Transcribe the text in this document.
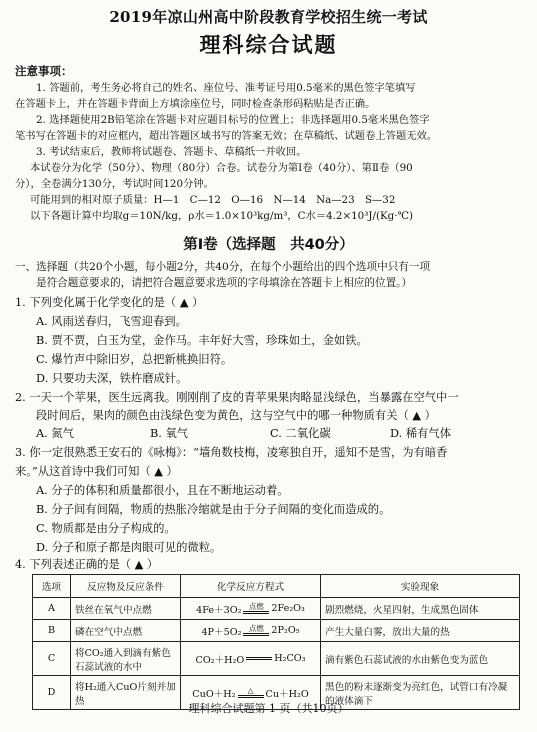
2019年凉山州高中阶段教育学校招生统一考试
理科综合试题
注意事项：
1. 答题前，考生务必将自己的姓名、座位号、准考证号用0.5毫米的黑色签字笔填写
在答题卡上，并在答题卡背面上方填涂座位号，同时检查条形码粘贴是否正确。
2. 选择题使用2B铅笔涂在答题卡对应题目标号的位置上；非选择题用0.5毫米黑色签字
笔书写在答题卡的对应框内，超出答题区域书写的答案无效；在草稿纸、试题卷上答题无效。
3. 考试结束后，教师将试题卷、答题卡、草稿纸一并收回。
本试卷分为化学（50分）、物理（80分）合卷。试卷分为第Ⅰ卷（40分）、第Ⅱ卷（90
分），全卷满分130分，考试时间120分钟。
可能用到的相对原子质量：H—1　C—12　O—16　N—14　Na—23　S—32
以下各题计算中均取g＝10N/kg，ρ水＝1.0×10³kg/m³，C水＝4.2×10³J/(Kg·℃)
第Ⅰ卷（选择题　共40分）
一、选择题（共20个小题，每小题2分，共40分，在每个小题给出的四个选项中只有一项
是符合题意要求的，请把符合题意要求选项的字母填涂在答题卡上相应的位置。）
1. 下列变化属于化学变化的是（ ▲ ）
A. 风雨送春归，飞雪迎春到。
B. 贾不贾，白玉为堂，金作马。丰年好大雪，珍珠如土，金如铁。
C. 爆竹声中除旧岁，总把新桃换旧符。
D. 只要功夫深，铁杵磨成针。
2. 一天一个苹果，医生远离我。刚刚削了皮的青苹果果肉略显浅绿色，当暴露在空气中一
段时间后，果肉的颜色由浅绿色变为黄色，这与空气中的哪一种物质有关（ ▲ ）
A. 氮气	B. 氧气	C. 二氧化碳	D. 稀有气体
3. 你一定很熟悉王安石的《咏梅》：“墙角数枝梅，凌寒独自开，遥知不是雪，为有暗香
来。”从这首诗中我们可知（ ▲ ）
A. 分子的体积和质量都很小，且在不断地运动着。
B. 分子间有间隔，物质的热胀冷缩就是由于分子间隔的变化而造成的。
C. 物质都是由分子构成的。
D. 分子和原子都是肉眼可见的微粒。
4. 下列表述正确的是（ ▲ ）
选项	反应物及反应条件	化学反应方程式	实验现象
A	铁丝在氧气中点燃	4Fe＋3O₂ 点燃 2Fe₂O₃	剧烈燃烧，火星四射，生成黑色固体
B	磷在空气中点燃	4P＋5O₂ 点燃 2P₂O₅	产生大量白雾，放出大量的热
C	将CO₂通入到滴有紫色石蕊试液的水中	CO₂＋H₂O H₂CO₃	滴有紫色石蕊试液的水由紫色变为蓝色
D	将H₂通入CuO片刻并加热	CuO＋H₂ △ Cu＋H₂O	黑色的粉末逐渐变为亮红色，试管口有冷凝的液体滴下
理科综合试题第 1 页（共10页）
